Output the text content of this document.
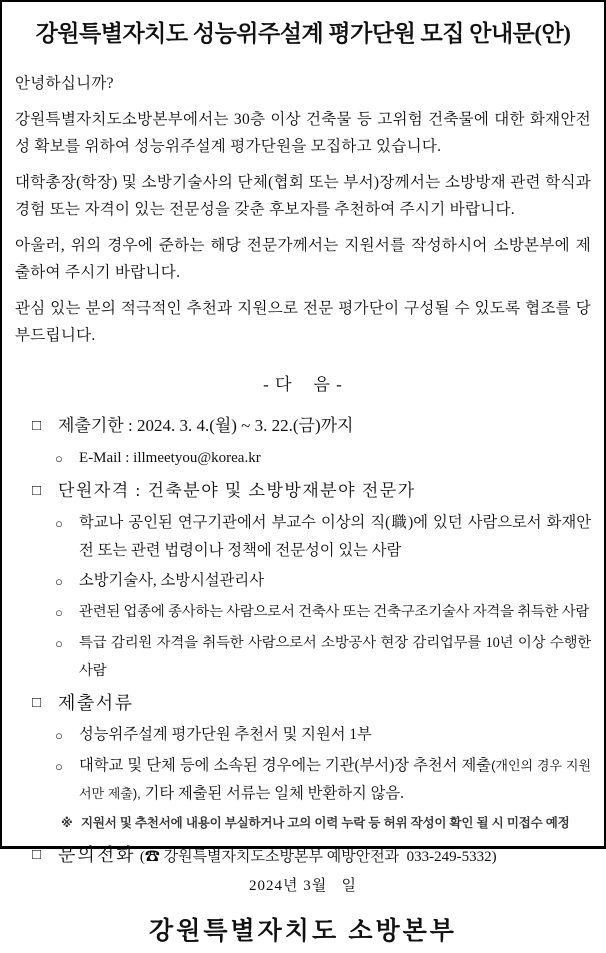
강원특별자치도 성능위주설계 평가단원 모집 안내문(안)

안녕하십니까?

강원특별자치도소방본부에서는 30층 이상 건축물 등 고위험 건축물에 대한 화재안전성 확보를 위하여 성능위주설계 평가단원을 모집하고 있습니다.

대학총장(학장) 및 소방기술사의 단체(협회 또는 부서)장께서는 소방방재 관련 학식과 경험 또는 자격이 있는 전문성을 갖춘 후보자를 추천하여 주시기 바랍니다.

아울러, 위의 경우에 준하는 해당 전문가께서는 지원서를 작성하시어 소방본부에 제출하여 주시기 바랍니다.

관심 있는 분의 적극적인 추천과 지원으로 전문 평가단이 구성될 수 있도록 협조를 당부드립니다.

- 다    음 -
□ 제출기한 : 2024. 3. 4.(월) ~ 3. 22.(금)까지
○	E-Mail : illmeetyou@korea.kr
□ 단원자격 : 건축분야 및 소방방재분야 전문가
○	학교나 공인된 연구기관에서 부교수 이상의 직(職)에 있던 사람으로서 화재안전 또는 관련 법령이나 정책에 전문성이 있는 사람
○	소방기술사, 소방시설관리사
○	관련된 업종에 종사하는 사람으로서 건축사 또는 건축구조기술사 자격을 취득한 사람
○	특급 감리원 자격을 취득한 사람으로서 소방공사 현장 감리업무를 10년 이상 수행한 사람
□ 제출서류
○	성능위주설계 평가단원 추천서 및 지원서 1부
○	대학교 및 단체 등에 소속된 경우에는 기관(부서)장 추천서 제출(개인의 경우 지원서만 제출), 기타 제출된 서류는 일체 반환하지 않음.
※ 지원서 및 추천서에 내용이 부실하거나 고의 이력 누락 등 허위 작성이 확인 될 시 미접수 예정
□ 문의전화 (☎ 강원특별자치도소방본부 예방안전과  033-249-5332)
2024년 3월   일
강원특별자치도 소방본부
